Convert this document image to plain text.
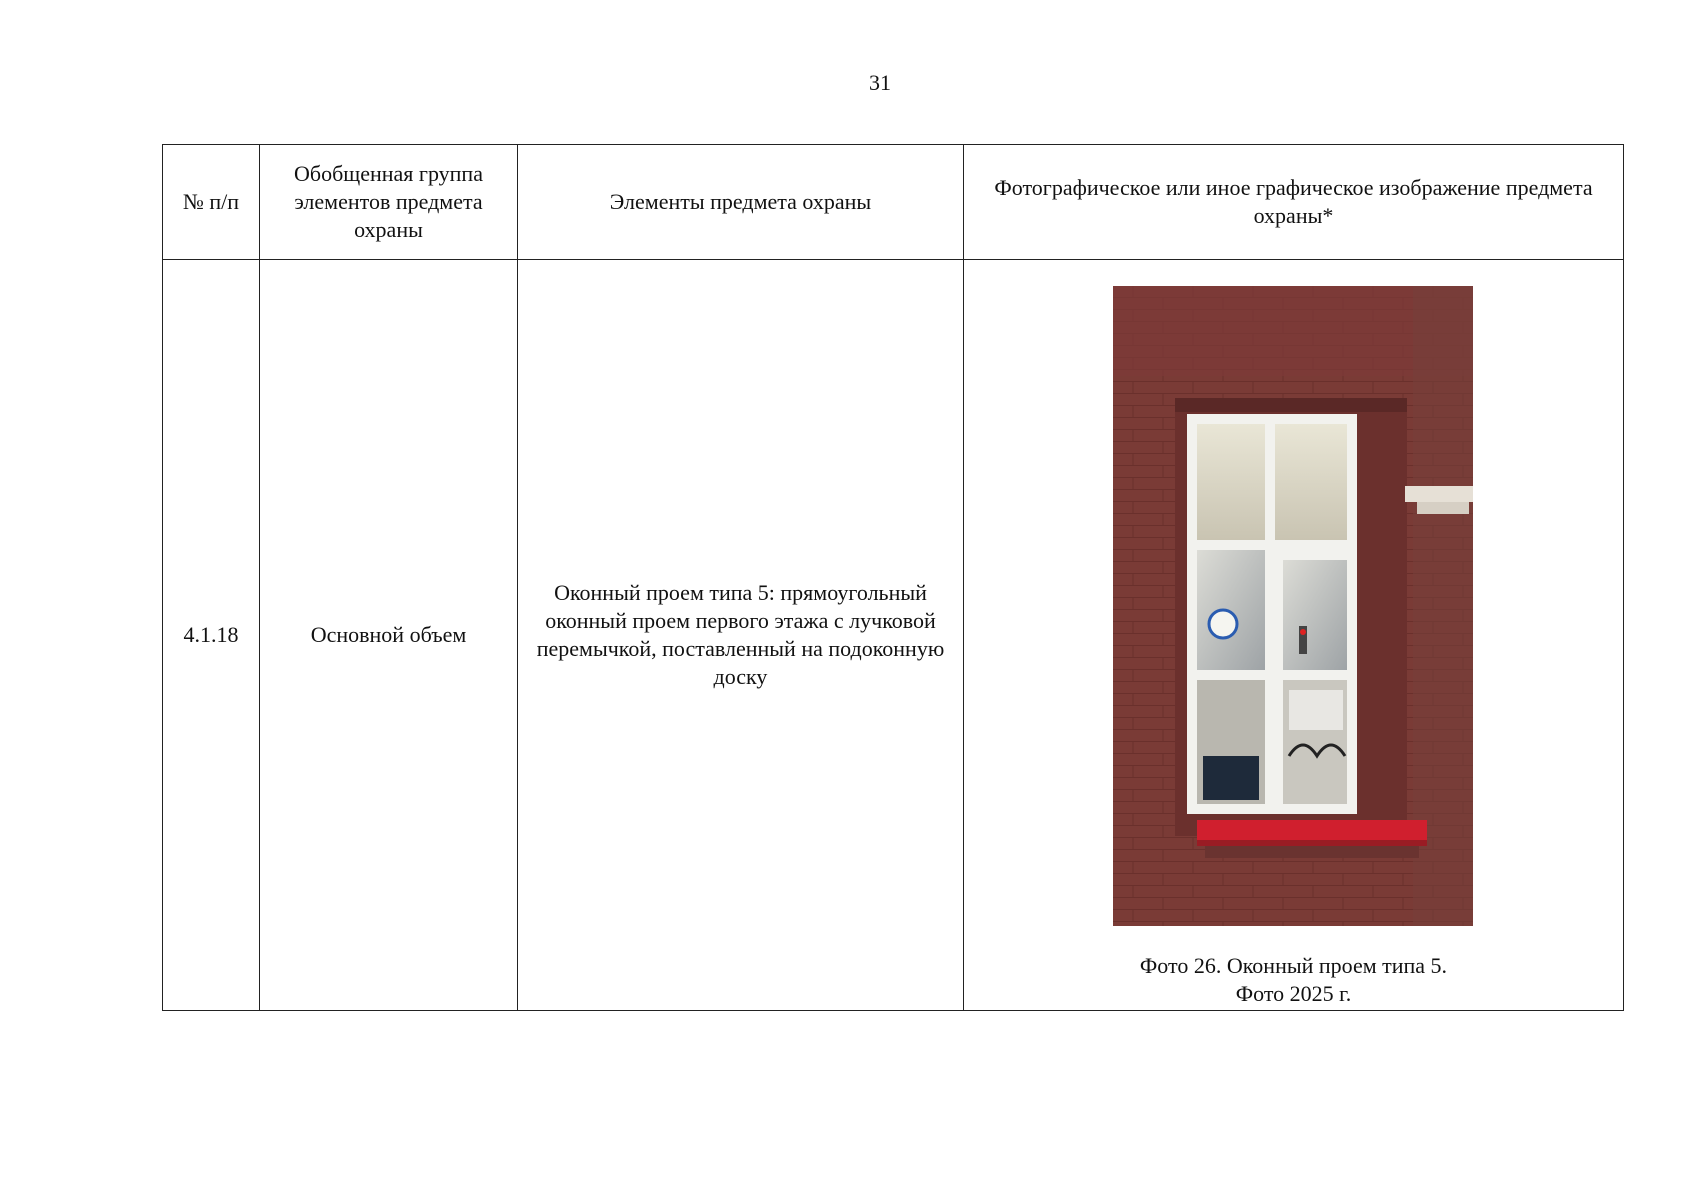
31
№ п/п	Обобщенная группа элементов предмета охраны	Элементы предмета охраны	Фотографическое или иное графическое изображение предмета охраны*
4.1.18	Основной объем	Оконный проем типа 5: прямоугольный оконный проем первого этажа с лучковой перемычкой, поставленный на подоконную доску	Фото 26. Оконный проем типа 5.
Фото 2025 г.
